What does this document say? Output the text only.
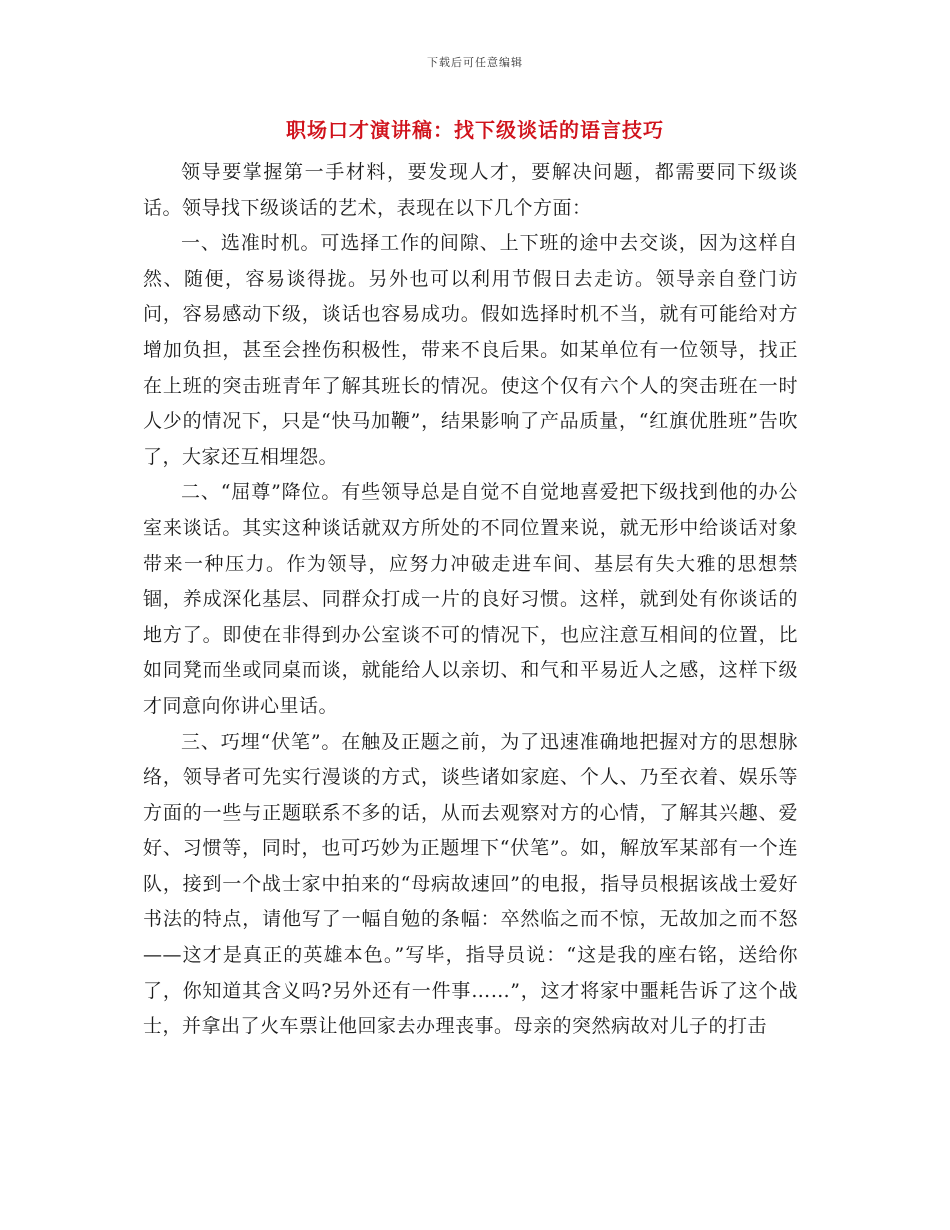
下载后可任意编辑
职场口才演讲稿：找下级谈话的语言技巧

领导要掌握第一手材料，要发现人才，要解决问题，都需要同下级谈话。领导找下级谈话的艺术，表现在以下几个方面：

一、选准时机。可选择工作的间隙、上下班的途中去交谈，因为这样自然、随便，容易谈得拢。另外也可以利用节假日去走访。领导亲自登门访问，容易感动下级，谈话也容易成功。假如选择时机不当，就有可能给对方增加负担，甚至会挫伤积极性，带来不良后果。如某单位有一位领导，找正在上班的突击班青年了解其班长的情况。使这个仅有六个人的突击班在一时人少的情况下，只是“快马加鞭”，结果影响了产品质量，“红旗优胜班”告吹了，大家还互相埋怨。

二、“屈尊”降位。有些领导总是自觉不自觉地喜爱把下级找到他的办公室来谈话。其实这种谈话就双方所处的不同位置来说，就无形中给谈话对象带来一种压力。作为领导，应努力冲破走进车间、基层有失大雅的思想禁锢，养成深化基层、同群众打成一片的良好习惯。这样，就到处有你谈话的地方了。即使在非得到办公室谈不可的情况下，也应注意互相间的位置，比如同凳而坐或同桌而谈，就能给人以亲切、和气和平易近人之感，这样下级才同意向你讲心里话。

三、巧埋“伏笔”。在触及正题之前，为了迅速准确地把握对方的思想脉络，领导者可先实行漫谈的方式，谈些诸如家庭、个人、乃至衣着、娱乐等方面的一些与正题联系不多的话，从而去观察对方的心情，了解其兴趣、爱好、习惯等，同时，也可巧妙为正题埋下“伏笔”。如，解放军某部有一个连队，接到一个战士家中拍来的“母病故速回”的电报，指导员根据该战士爱好书法的特点，请他写了一幅自勉的条幅：卒然临之而不惊，无故加之而不怒——这才是真正的英雄本色。”写毕，指导员说：“这是我的座右铭，送给你了，你知道其含义吗?另外还有一件事……”，这才将家中噩耗告诉了这个战士，并拿出了火车票让他回家去办理丧事。母亲的突然病故对儿子的打击
